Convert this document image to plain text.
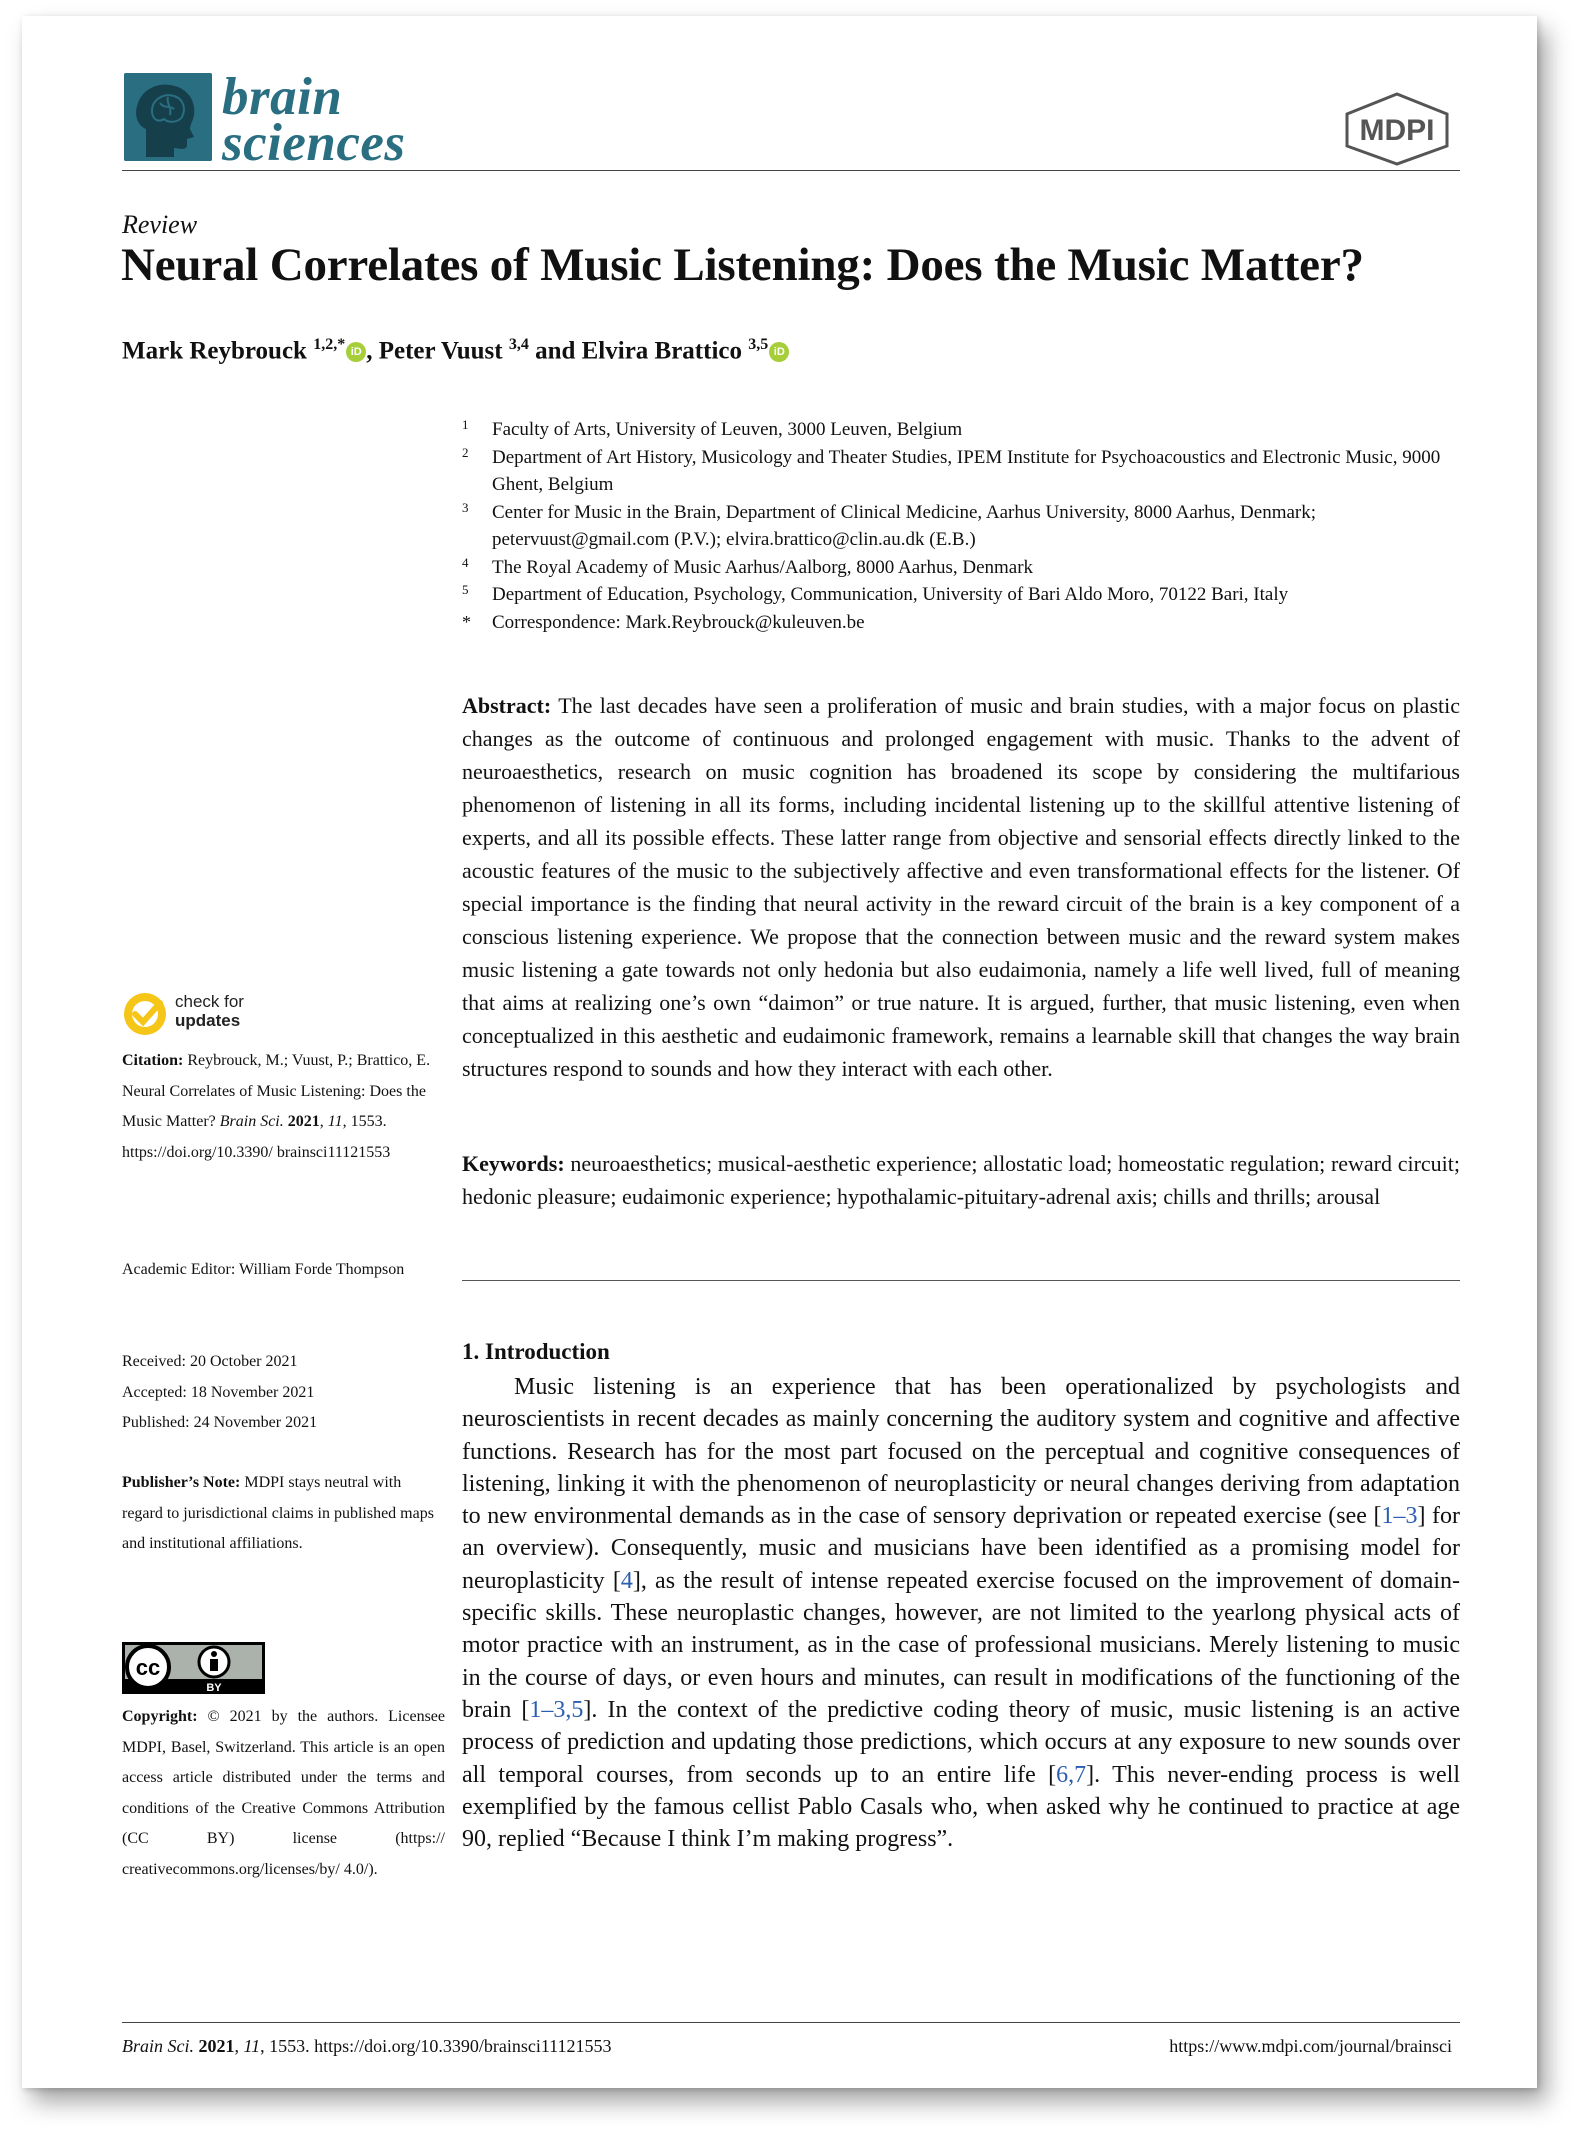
brain
sciences	MDPI
Review
Neural Correlates of Music Listening: Does the Music Matter?
Mark Reybrouck $^{1,2,*}$ iD , Peter Vuust $^{3,4}$ and Elvira Brattico $^{3,5}$ iD
1 Faculty of Arts, University of Leuven, 3000 Leuven, Belgium
2 Department of Art History, Musicology and Theater Studies, IPEM Institute for Psychoacoustics and Electronic Music, 9000 Ghent, Belgium
3 Center for Music in the Brain, Department of Clinical Medicine, Aarhus University, 8000 Aarhus, Denmark; petervuust@gmail.com (P.V.); elvira.brattico@clin.au.dk (E.B.)
4 The Royal Academy of Music Aarhus/Aalborg, 8000 Aarhus, Denmark
5 Department of Education, Psychology, Communication, University of Bari Aldo Moro, 70122 Bari, Italy
* Correspondence: Mark.Reybrouck@kuleuven.be
Abstract: The last decades have seen a proliferation of music and brain studies, with a major focus on plastic changes as the outcome of continuous and prolonged engagement with music. Thanks to the advent of neuroaesthetics, research on music cognition has broadened its scope by considering the multifarious phenomenon of listening in all its forms, including incidental listening up to the skillful attentive listening of experts, and all its possible effects. These latter range from objective and sensorial effects directly linked to the acoustic features of the music to the subjectively affective and even transformational effects for the listener. Of special importance is the finding that neural activity in the reward circuit of the brain is a key component of a conscious listening experience. We propose that the connection between music and the reward system makes music listening a gate towards not only hedonia but also eudaimonia, namely a life well lived, full of meaning that aims at realizing one’s own “daimon” or true nature. It is argued, further, that music listening, even when conceptualized in this aesthetic and eudaimonic framework, remains a learnable skill that changes the way brain structures respond to sounds and how they interact with each other.
Keywords: neuroaesthetics; musical-aesthetic experience; allostatic load; homeostatic regulation; reward circuit; hedonic pleasure; eudaimonic experience; hypothalamic-pituitary-adrenal axis; chills and thrills; arousal
1. Introduction
Music listening is an experience that has been operationalized by psychologists and neuroscientists in recent decades as mainly concerning the auditory system and cognitive and affective functions. Research has for the most part focused on the perceptual and cognitive consequences of listening, linking it with the phenomenon of neuroplasticity or neural changes deriving from adaptation to new environmental demands as in the case of sensory deprivation or repeated exercise (see [1–3] for an overview). Consequently, music and musicians have been identified as a promising model for neuroplasticity [4], as the result of intense repeated exercise focused on the improvement of domain-specific skills. These neuroplastic changes, however, are not limited to the yearlong physical acts of motor practice with an instrument, as in the case of professional musicians. Merely listening to music in the course of days, or even hours and minutes, can result in modifications of the functioning of the brain [1–3,5]. In the context of the predictive coding theory of music, music listening is an active process of prediction and updating those predictions, which occurs at any exposure to new sounds over all temporal courses, from seconds up to an entire life [6,7]. This never-ending process is well exemplified by the famous cellist Pablo Casals who, when asked why he continued to practice at age 90, replied “Because I think I’m making progress”.
check for
updates
Citation: Reybrouck, M.; Vuust, P.; Brattico, E. Neural Correlates of Music Listening: Does the Music Matter? Brain Sci. 2021, 11, 1553. https://doi.org/10.3390/ brainsci11121553
Academic Editor: William Forde Thompson
Received: 20 October 2021
Accepted: 18 November 2021
Published: 24 November 2021
Publisher’s Note: MDPI stays neutral with regard to jurisdictional claims in published maps and institutional affiliations.
cc
BY
Copyright: © 2021 by the authors. Licensee MDPI, Basel, Switzerland. This article is an open access article distributed under the terms and conditions of the Creative Commons Attribution (CC BY) license (https:// creativecommons.org/licenses/by/ 4.0/).
Brain Sci. 2021, 11, 1553. https://doi.org/10.3390/brainsci11121553	https://www.mdpi.com/journal/brainsci
